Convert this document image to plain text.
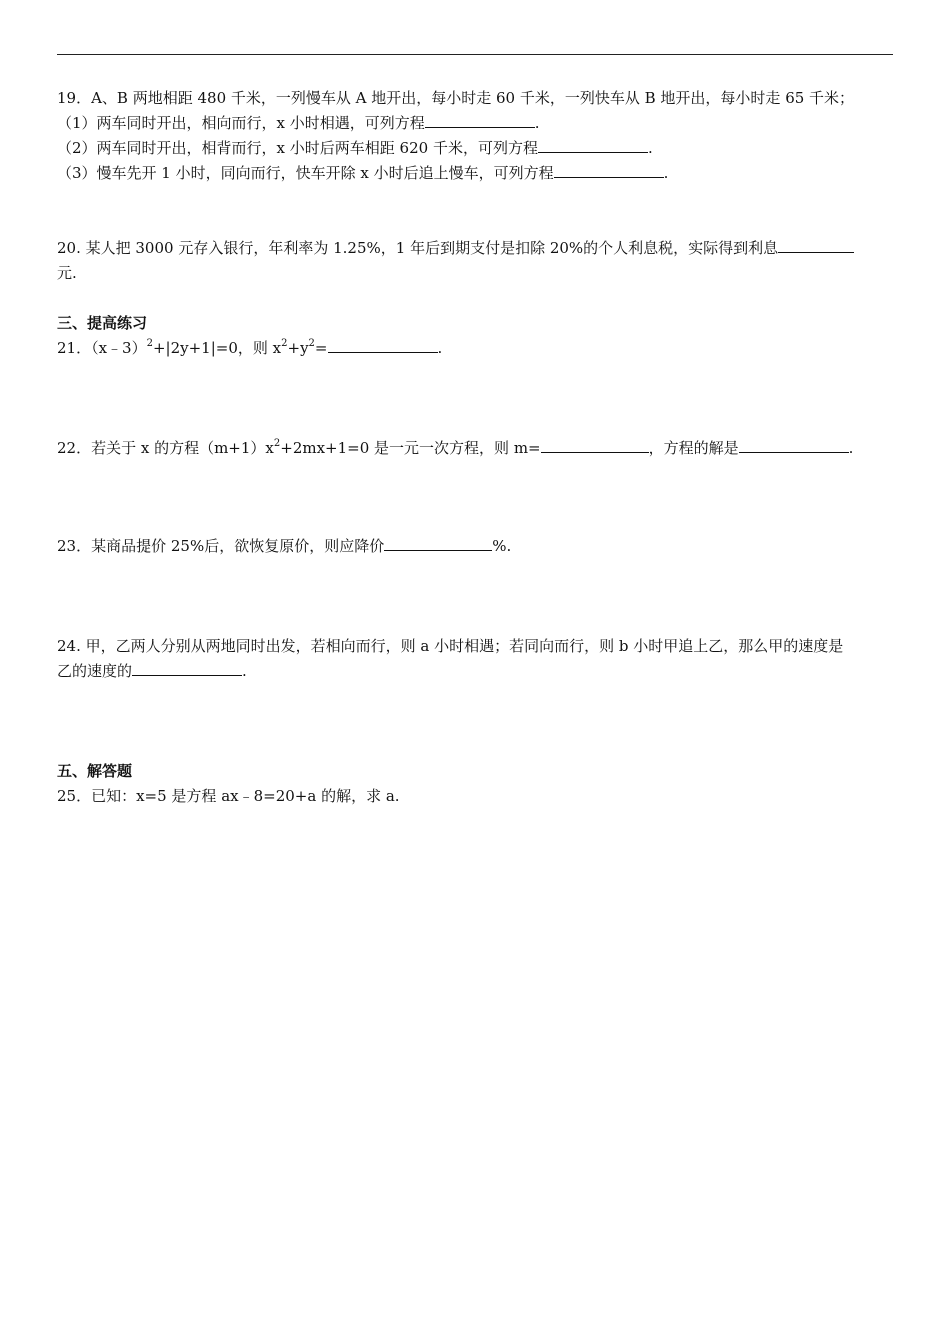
19．A、B 两地相距 480 千米，一列慢车从 A 地开出，每小时走 60 千米，一列快车从 B 地开出，每小时走 65 千米；
（1）两车同时开出，相向而行，x 小时相遇，可列方程	.
（2）两车同时开出，相背而行，x 小时后两车相距 620 千米，可列方程	.
（3）慢车先开 1 小时，同向而行，快车开除 x 小时后追上慢车，可列方程	.
20. 某人把 3000 元存入银行，年利率为 1.25%，1 年后到期支付是扣除 20%的个人利息税，实际得到利息
元.
三、提高练习
21．（x﹣3）$^2$+|2y+1|=0，则 $x^2+y^2=$	.
22．若关于 x 的方程$(m+1)x^2+2mx+1=0$ 是一元一次方程，则 m=	，方程的解是	.
23．某商品提价 25%后，欲恢复原价，则应降价	%.
24. 甲，乙两人分别从两地同时出发，若相向而行，则 a 小时相遇；若同向而行，则 b 小时甲追上乙，那么甲的速度是
乙的速度的	.
五、解答题
25．已知：x=5 是方程 ax﹣8=20+a 的解，求 a.
